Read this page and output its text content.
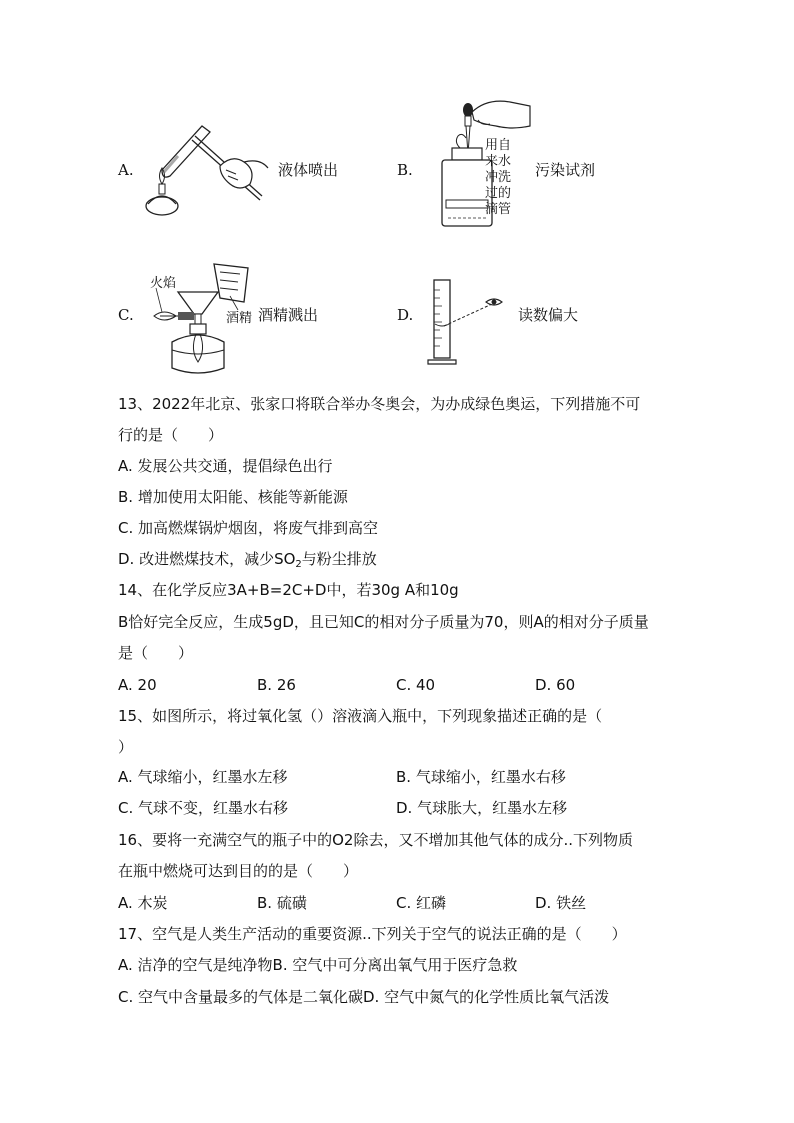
A.	液体喷出	B.
用自
来水
冲洗
过的
滴管
污染试剂
C.
火焰
酒精 酒精溅出	D.	读数偏大
13、2022年北京、张家口将联合举办冬奥会，为办成绿色奥运，下列措施不可
行的是（　　）
A. 发展公共交通，提倡绿色出行
B. 增加使用太阳能、核能等新能源
C. 加高燃煤锅炉烟囱，将废气排到高空
D. 改进燃煤技术，减少$SO_2$与粉尘排放
14、在化学反应3A+B=2C+D中，若30g A和10g
B恰好完全反应，生成5gD，且已知C的相对分子质量为70，则A的相对分子质量
是（　　）
A. 20	B. 26	C. 40	D. 60
15、如图所示，将过氧化氢（）溶液滴入瓶中，下列现象描述正确的是（
）
A. 气球缩小，红墨水左移	B. 气球缩小，红墨水右移
C. 气球不变，红墨水右移	D. 气球胀大，红墨水左移
16、要将一充满空气的瓶子中的O2除去，又不增加其他气体的成分..下列物质
在瓶中燃烧可达到目的的是（　　）
A. 木炭	B. 硫磺	C. 红磷	D. 铁丝
17、空气是人类生产活动的重要资源..下列关于空气的说法正确的是（　　）
A. 洁净的空气是纯净物B. 空气中可分离出氧气用于医疗急救
C. 空气中含量最多的气体是二氧化碳D. 空气中氮气的化学性质比氧气活泼
